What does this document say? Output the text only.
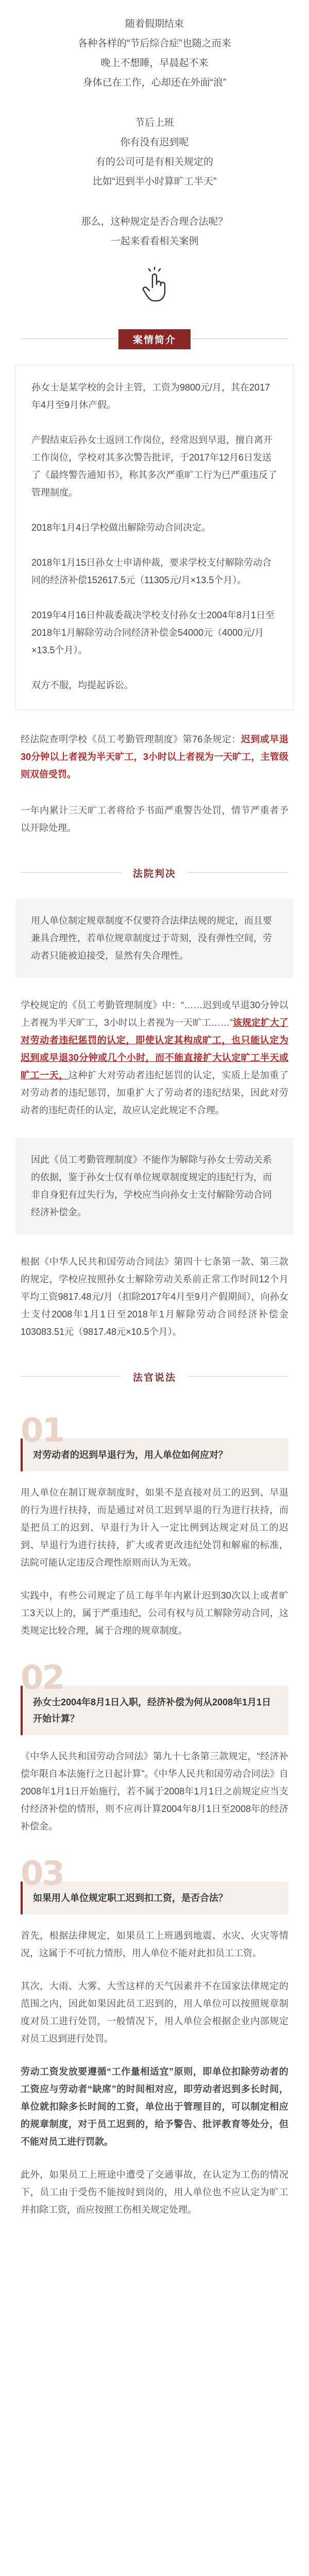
随着假期结束
各种各样的“节后综合症”也随之而来
晚上不想睡，早晨起不来
身体已在工作，心却还在外面“浪”
节后上班
你有没有迟到呢
有的公司可是有相关规定的
比如“迟到半小时算旷工半天”
那么，这种规定是否合理合法呢？
一起来看看相关案例
案情简介

孙女士是某学校的会计主管，工资为9800元/月，其在2017年4月至9月休产假。

产假结束后孙女士返回工作岗位，经常迟到早退，擅自离开工作岗位，学校对其多次警告批评，于2017年12月6日发送了《最终警告通知书》，称其多次严重旷工行为已严重违反了管理制度。

2018年1月4日学校做出解除劳动合同决定。

2018年1月15日孙女士申请仲裁，要求学校支付解除劳动合同的经济补偿152617.5元（11305元/月×13.5个月）。

2019年4月16日仲裁委裁决学校支付孙女士2004年8月1日至2018年1月解除劳动合同经济补偿金54000元（4000元/月×13.5个月）。

双方不服，均提起诉讼。

经法院查明学校《员工考勤管理制度》第76条规定：迟到或早退30分钟以上者视为半天旷工，3小时以上者视为一天旷工，主管级则双倍受罚。

一年内累计三天旷工者将给予书面严重警告处罚，情节严重者予以开除处理。

法院判决
用人单位制定规章制度不仅要符合法律法规的规定，而且要兼具合理性，若单位规章制度过于苛刻，没有弹性空间，劳动者只能被迫接受，显然有失合理性。

学校规定的《员工考勤管理制度》中：“……迟到或早退30分钟以上者视为半天旷工，3小时以上者视为一天旷工……”该规定扩大了对劳动者违纪惩罚的认定，即使认定其构成旷工，也只能认定为迟到或早退30分钟或几个小时，而不能直接扩大认定旷工半天或旷工一天，这种扩大对劳动者违纪惩罚的认定，实质上是加重了对劳动者的违纪惩罚，加重扩大了劳动者的违纪结果，因此对劳动者的违纪责任的认定，故应认定此规定不合理。

因此《员工考勤管理制度》不能作为解除与孙女士劳动关系的依据，鉴于孙女士仅有单位规章制度规定的违纪行为，而非自身犯有过失行为，学校应当向孙女士支付解除劳动合同经济补偿金。

根据《中华人民共和国劳动合同法》第四十七条第一款、第三款的规定，学校应按照孙女士解除劳动关系前正常工作时间12个月平均工资9817.48元/月（扣除2017年4月至9月产假期间），向孙女士支付2008年1月1日至2018年1月解除劳动合同经济补偿金103083.51元（9817.48元×10.5个月）。

法官说法
01
对劳动者的迟到早退行为，用人单位如何应对？

用人单位在制订规章制度时，如果不是直接对员工的迟到、早退的行为进行扶持，而是通过对员工迟到早退的行为进行扶持，而是把员工的迟到、早退行为计入一定比例到达规定对员工的迟到、早退行为进行扶持，扩大或者更改违纪处罚和解雇的标准，法院可能认定违反合理性原则而认为无效。

实践中，有些公司规定了员工每半年内累计迟到30次以上或者旷工3天以上的，属于严重违纪，公司有权与员工解除劳动合同，这类规定比较合理，属于合理的规章制度。

02
孙女士2004年8月1日入职，经济补偿为何从2008年1月1日开始计算？

《中华人民共和国劳动合同法》第九十七条第三款规定，“经济补偿年限自本法施行之日起计算”。《中华人民共和国劳动合同法》自2008年1月1日开始施行，若不属于2008年1月1日之前规定应当支付经济补偿的情形，则不应再计算2004年8月1日至2008年的经济补偿金。

03
如果用人单位规定职工迟到扣工资，是否合法？

首先，根据法律规定，如果员工上班遇到地震、水灾、火灾等情况，这属于不可抗力情形，用人单位不能对此扣员工工资。

其次，大雨、大雾、大雪这样的天气因素并不在国家法律规定的范围之内，因此如果因此员工迟到的，用人单位可以按照规章制度对员工进行处罚，一般情况下，用人单位会根据企业内部规定对员工迟到进行处罚。

劳动工资发放要遵循“工作量相适宜”原则，即单位扣除劳动者的工资应与劳动者“缺席”的时间相对应，即劳动者迟到多长时间，单位就扣除多长时间的工资，单位出于管理目的，可以制定相应的规章制度，对于员工迟到的，给予警告、批评教育等处分，但不能对员工进行罚款。

此外，如果员工上班途中遭受了交通事故，在认定为工伤的情况下，员工由于受伤不能按时到岗的，用人单位也不应认定为旷工并扣除工资，而应按照工伤相关规定处理。
